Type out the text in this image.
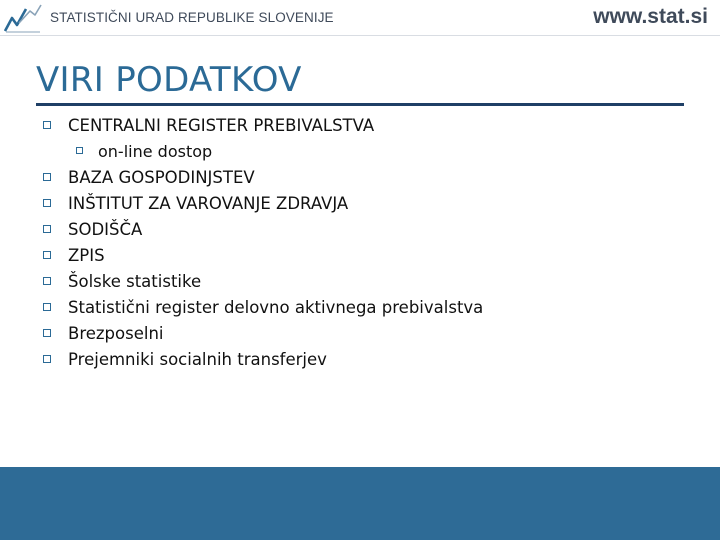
STATISTIČNI URAD REPUBLIKE SLOVENIJE	www.stat.si
VIRI PODATKOV
CENTRALNI REGISTER PREBIVALSTVA
on-line dostop
BAZA GOSPODINJSTEV
INŠTITUT ZA VAROVANJE ZDRAVJA
SODIŠČA
ZPIS
Šolske statistike
Statistični register delovno aktivnega prebivalstva
Brezposelni
Prejemniki socialnih transferjev
